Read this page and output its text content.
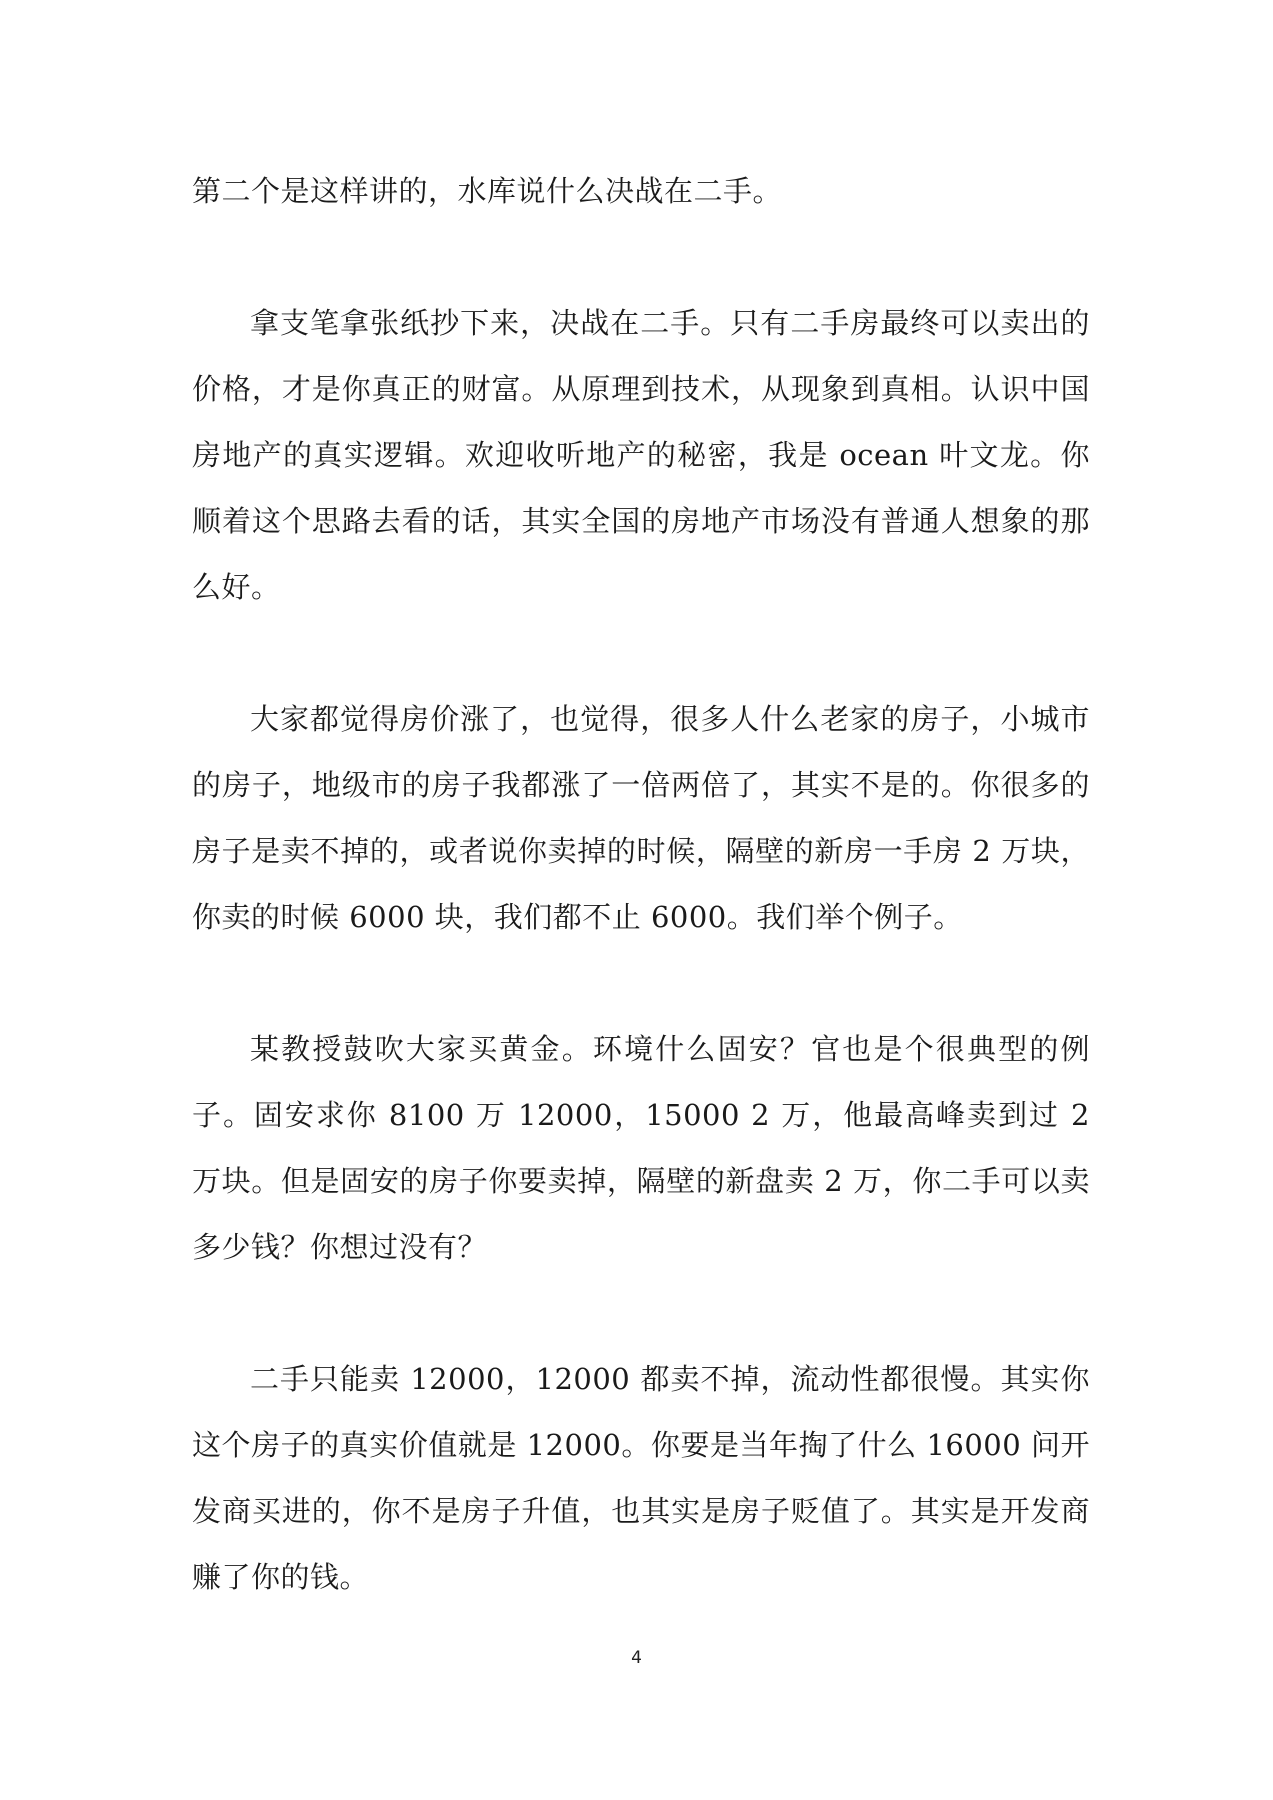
第二个是这样讲的，水库说什么决战在二手。

拿支笔拿张纸抄下来，决战在二手。只有二手房最终可以卖出的价格，才是你真正的财富。从原理到技术，从现象到真相。认识中国房地产的真实逻辑。欢迎收听地产的秘密，我是 ocean 叶文龙。你顺着这个思路去看的话，其实全国的房地产市场没有普通人想象的那么好。

大家都觉得房价涨了，也觉得，很多人什么老家的房子，小城市的房子，地级市的房子我都涨了一倍两倍了，其实不是的。你很多的房子是卖不掉的，或者说你卖掉的时候，隔壁的新房一手房 2 万块，你卖的时候 6000 块，我们都不止 6000。我们举个例子。

某教授鼓吹大家买黄金。环境什么固安？官也是个很典型的例子。固安求你 8100 万 12000，15000 2 万，他最高峰卖到过 2 万块。但是固安的房子你要卖掉，隔壁的新盘卖 2 万，你二手可以卖多少钱？你想过没有？

二手只能卖 12000，12000 都卖不掉，流动性都很慢。其实你这个房子的真实价值就是 12000。你要是当年掏了什么 16000 问开发商买进的，你不是房子升值，也其实是房子贬值了。其实是开发商赚了你的钱。

4
